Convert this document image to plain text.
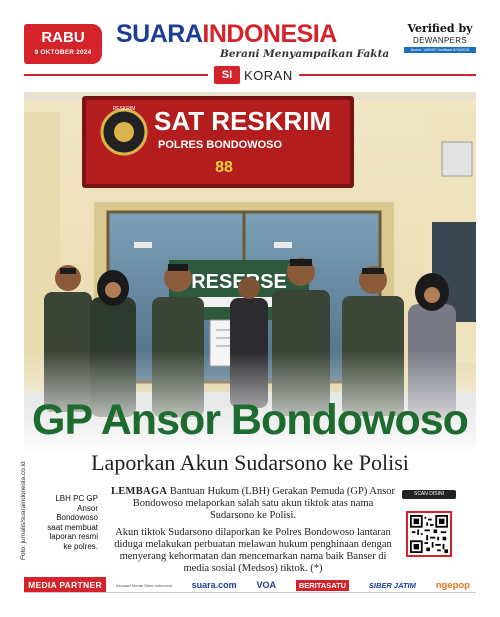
RABU
9 OKTOBER 2024
SUARAINDONESIA
Berani Menyampaikan Fakta
Verified by
DEWANPERS
Nomor: 1409/DP-Verifikasi-K/XII/2023
SI KORAN
GP Ansor Bondowoso
Laporkan Akun Sudarsono ke Polisi
Foto: jurnalis/suaraindonesia.co.id	LBH PC GP Ansor Bondowoso saat membuat laporan resmi ke polres.

LEMBAGA Bantuan Hukum (LBH) Gerakan Pemuda (GP) Ansor Bondowoso melaporkan salah satu akun tiktok atas nama Sudarsono ke Polisi.

Akun tiktok Sudarsono dilaporkan ke Polres Bondowoso lantaran diduga melakukan perbuatan melawan hukum penghinaan dengan menyerang kehormatan dan mencemarkan nama baik Banser di media sosial (Medsos) tiktok. (*)

SCAN DISINI
MEDIA PARTNER	Asosiasi Media Siber Indonesia suara.com VOA	BERITASATU	SIBER JATIM ngepop
